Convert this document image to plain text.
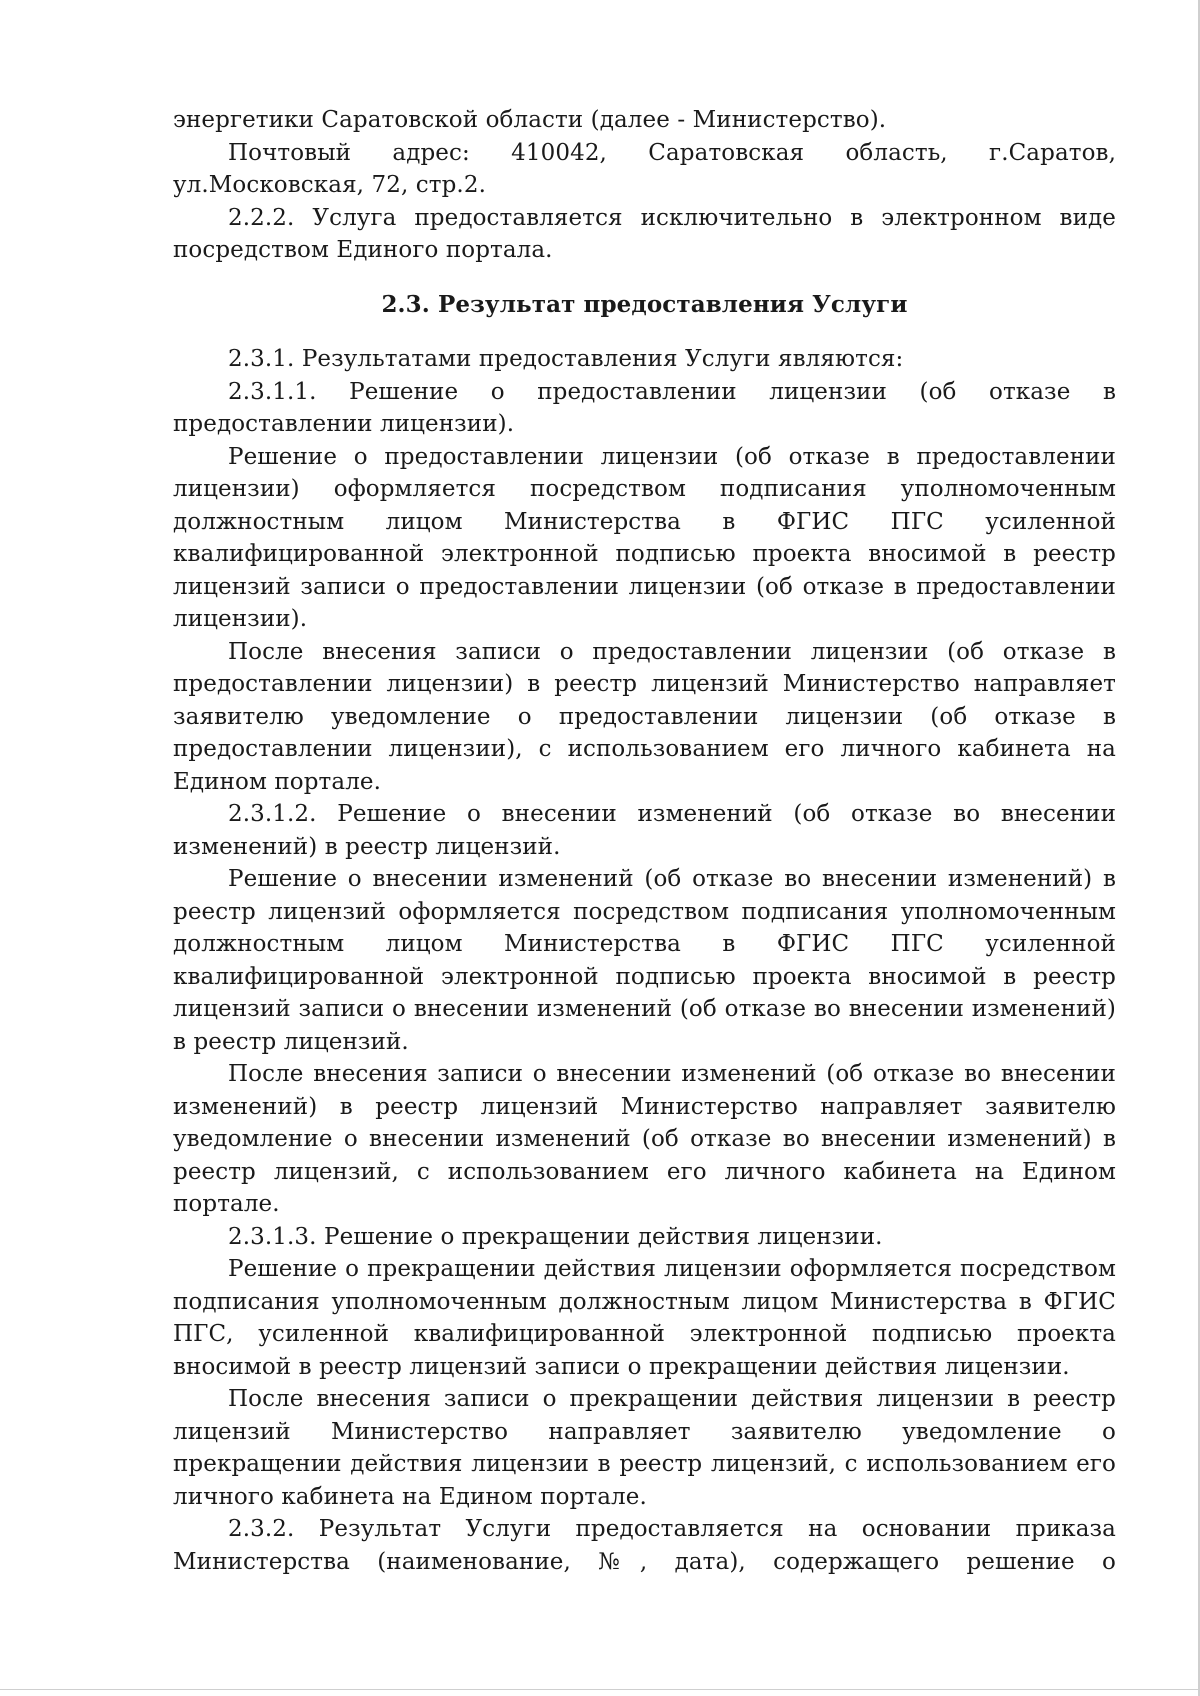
энергетики Саратовской области (далее - Министерство).

Почтовый адрес: 410042, Саратовская область, г.Саратов, ул.Московская, 72, стр.2.

2.2.2. Услуга предоставляется исключительно в электронном виде посредством Единого портала.

2.3. Результат предоставления Услуги

2.3.1. Результатами предоставления Услуги являются:

2.3.1.1. Решение о предоставлении лицензии (об отказе в предоставлении лицензии).

Решение о предоставлении лицензии (об отказе в предоставлении лицензии) оформляется посредством подписания уполномоченным должностным лицом Министерства в ФГИС ПГС усиленной квалифицированной электронной подписью проекта вносимой в реестр лицензий записи о предоставлении лицензии (об отказе в предоставлении лицензии).

После внесения записи о предоставлении лицензии (об отказе в предоставлении лицензии) в реестр лицензий Министерство направляет заявителю уведомление о предоставлении лицензии (об отказе в предоставлении лицензии), с использованием его личного кабинета на Едином портале.

2.3.1.2. Решение о внесении изменений (об отказе во внесении изменений) в реестр лицензий.

Решение о внесении изменений (об отказе во внесении изменений) в реестр лицензий оформляется посредством подписания уполномоченным должностным лицом Министерства в ФГИС ПГС усиленной квалифицированной электронной подписью проекта вносимой в реестр лицензий записи о внесении изменений (об отказе во внесении изменений) в реестр лицензий.

После внесения записи о внесении изменений (об отказе во внесении изменений) в реестр лицензий Министерство направляет заявителю уведомление о внесении изменений (об отказе во внесении изменений) в реестр лицензий, с использованием его личного кабинета на Едином портале.

2.3.1.3. Решение о прекращении действия лицензии.

Решение о прекращении действия лицензии оформляется посредством подписания уполномоченным должностным лицом Министерства в ФГИС ПГС, усиленной квалифицированной электронной подписью проекта вносимой в реестр лицензий записи о прекращении действия лицензии.

После внесения записи о прекращении действия лицензии в реестр лицензий Министерство направляет заявителю уведомление о прекращении действия лицензии в реестр лицензий, с использованием его личного кабинета на Едином портале.

2.3.2. Результат Услуги предоставляется на основании приказа Министерства (наименование, №, дата), содержащего решение о
